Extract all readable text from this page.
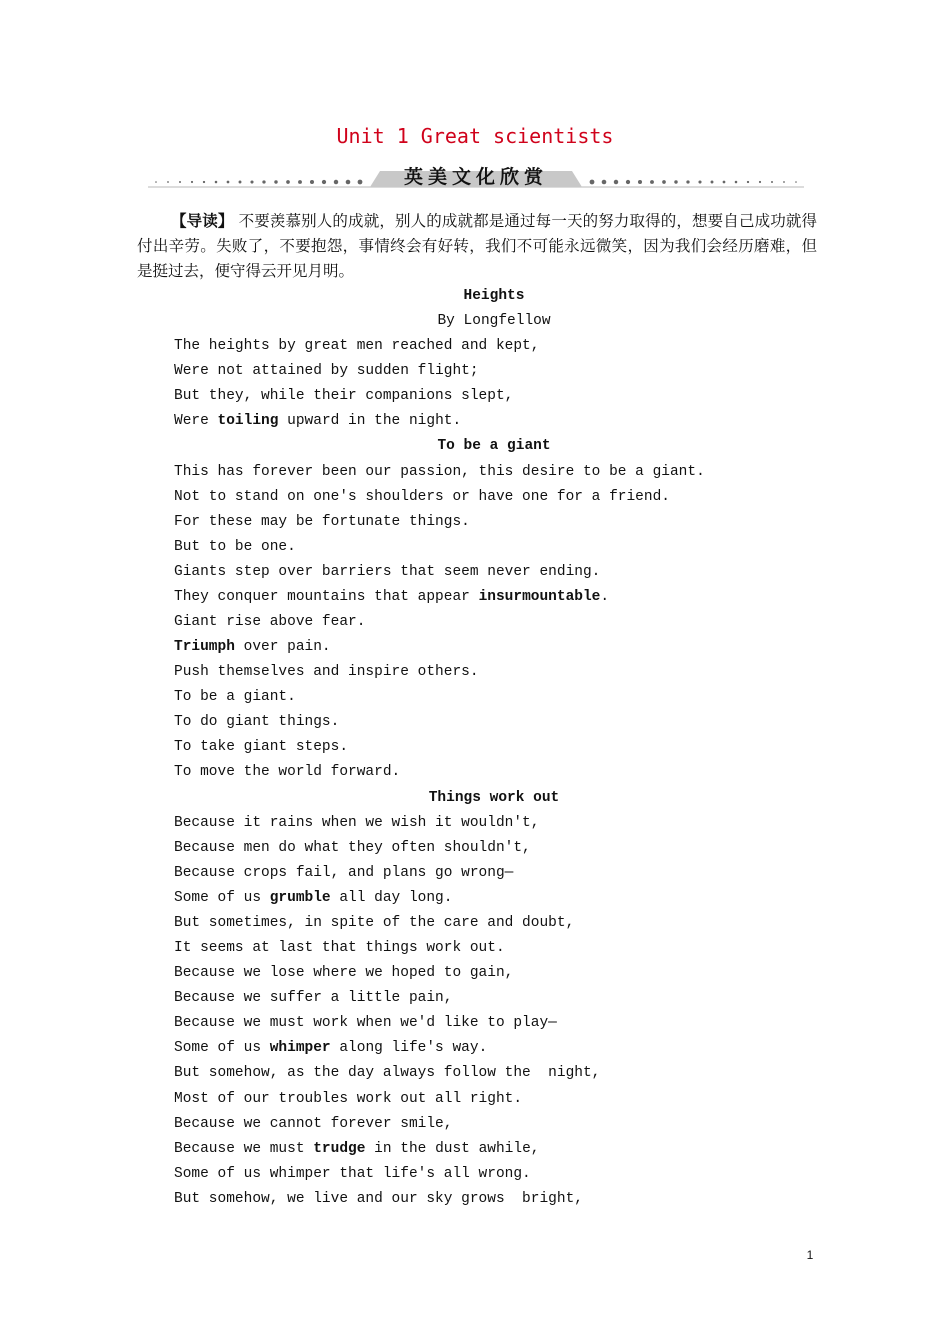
Unit 1 Great scientists
英美文化欣赏
【导读】 不要羡慕别人的成就，别人的成就都是通过每一天的努力取得的，想要自己成功就得付出辛劳。失败了，不要抱怨，事情终会有好转，我们不可能永远微笑，因为我们会经历磨难，但是挺过去，便守得云开见月明。
Heights
By Longfellow
The heights by great men reached and kept,
Were not attained by sudden flight;
But they, while their companions slept,
Were toiling upward in the night.
To be a giant
This has forever been our passion, this desire to be a giant.
Not to stand on one's shoulders or have one for a friend.
For these may be fortunate things.
But to be one.
Giants step over barriers that seem never ending.
They conquer mountains that appear insurmountable.
Giant rise above fear.
Triumph over pain.
Push themselves and inspire others.
To be a giant.
To do giant things.
To take giant steps.
To move the world forward.
Things work out
Because it rains when we wish it wouldn't,
Because men do what they often shouldn't,
Because crops fail, and plans go wrong—
Some of us grumble all day long.
But sometimes, in spite of the care and doubt,
It seems at last that things work out.
Because we lose where we hoped to gain,
Because we suffer a little pain,
Because we must work when we'd like to play—
Some of us whimper along life's way.
But somehow, as the day always follow the  night,
Most of our troubles work out all right.
Because we cannot forever smile,
Because we must trudge in the dust awhile,
Some of us whimper that life's all wrong.
But somehow, we live and our sky grows  bright,
1
